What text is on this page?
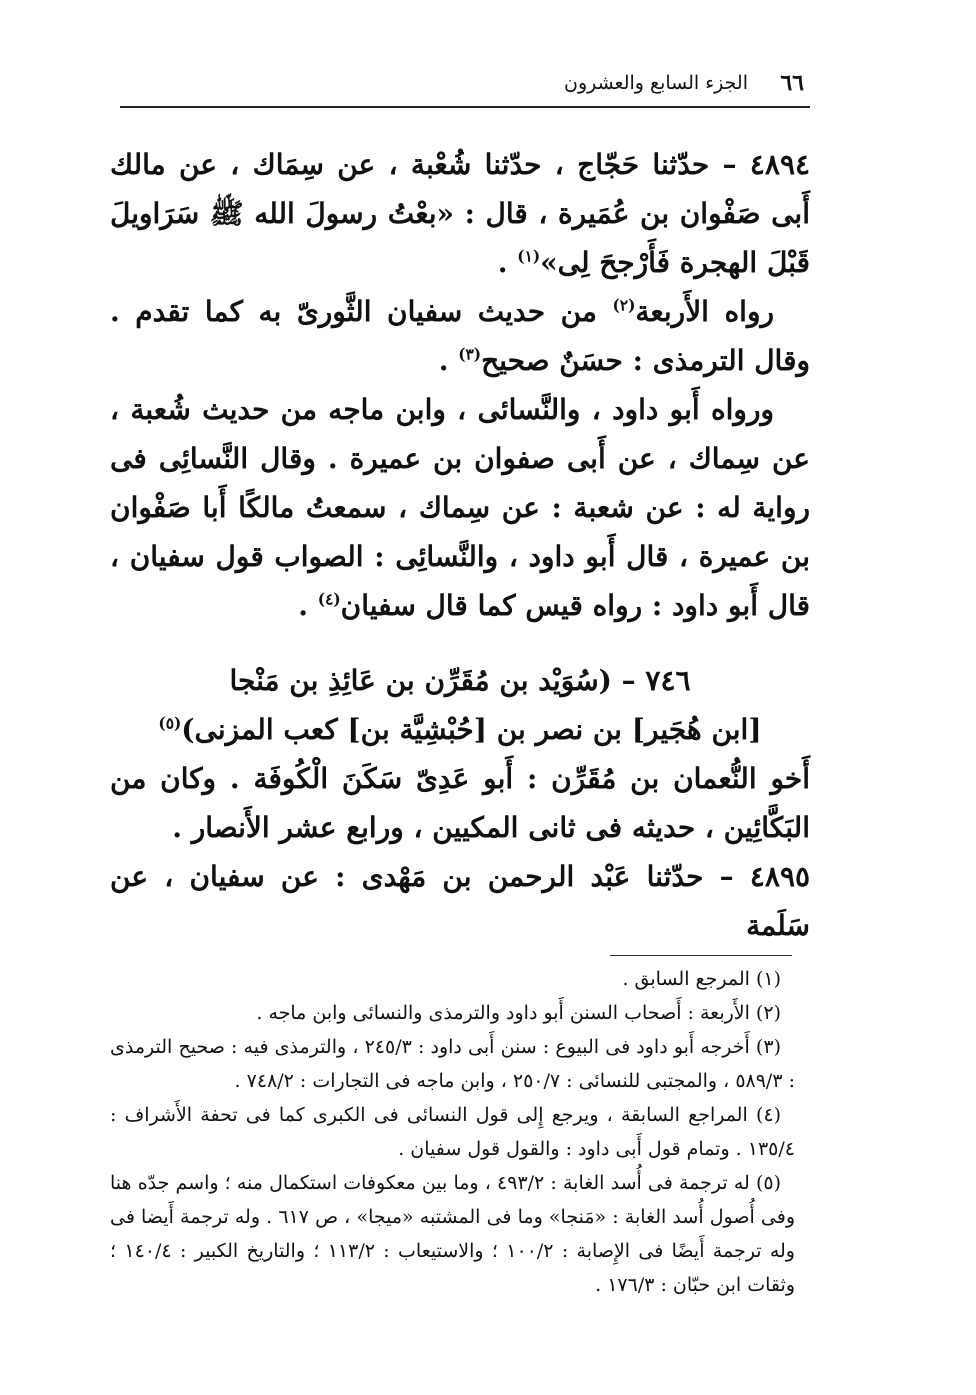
٦٦
الجزء السابع والعشرون

٤٨٩٤ – حدّثنا حَجّاج ، حدّثنا شُعْبة ، عن سِمَاك ، عن مالك أَبى صَفْوان بن عُمَيرة ، قال : «بعْتُ رسولَ الله ﷺ سَرَاويلَ قَبْلَ الهجرة فَأَرْجحَ لِى»$^{(١)}$ .

رواه الأَربعة$^{(٢)}$ من حديث سفيان الثَّورىّ به كما تقدم . وقال الترمذى : حسَنٌ صحيح$^{(٣)}$ .

ورواه أَبو داود ، والنَّسائى ، وابن ماجه من حديث شُعبة ، عن سِماك ، عن أَبى صفوان بن عميرة . وقال النَّسائِى فى رواية له : عن شعبة : عن سِماك ، سمعتُ مالكًا أَبا صَفْوان بن عميرة ، قال أَبو داود ، والنَّسائِى : الصواب قول سفيان ، قال أَبو داود : رواه قيس كما قال سفيان$^{(٤)}$ .

٧٤٦ – (سُوَيْد بن مُقَرِّن بن عَائِذِ بن مَنْجا

[ابن هُجَير] بن نصر بن [حُبْشِيَّة بن] كعب المزنى)$^{(٥)}$

أَخو النُّعمان بن مُقَرِّن : أَبو عَدِىّ سَكَنَ الْكُوفَة . وكان من البَكَّائِين ، حديثه فى ثانى المكيين ، ورابع عشر الأَنصار .

٤٨٩٥ – حدّثنا عَبْد الرحمن بن مَهْدى : عن سفيان ، عن سَلَمة

(١) المرجع السابق .

(٢) الأَربعة : أَصحاب السنن أَبو داود والترمذى والنسائى وابن ماجه .

(٣) أَخرجه أَبو داود فى البيوع : سنن أَبى داود : ٢٤٥/٣ ، والترمذى فيه : صحيح الترمذى : ٥٨٩/٣ ، والمجتبى للنسائى : ٢٥٠/٧ ، وابن ماجه فى التجارات : ٧٤٨/٢ .

(٤) المراجع السابقة ، ويرجع إِلى قول النسائى فى الكبرى كما فى تحفة الأَشراف : ١٣٥/٤ . وتمام قول أَبى داود : والقول قول سفيان .

(٥) له ترجمة فى أُسد الغابة : ٤٩٣/٢ ، وما بين معكوفات استكمال منه ؛ واسم جدّه هنا وفى أُصول أُسد الغابة : «مَنجا» وما فى المشتبه «ميجا» ، ص ٦١٧ . وله ترجمة أَيضا فى وله ترجمة أَيضًا فى الإِصابة : ١٠٠/٢ ؛ والاستيعاب : ١١٣/٢ ؛ والتاريخ الكبير : ١٤٠/٤ ؛ وثقات ابن حبّان : ١٧٦/٣ .
